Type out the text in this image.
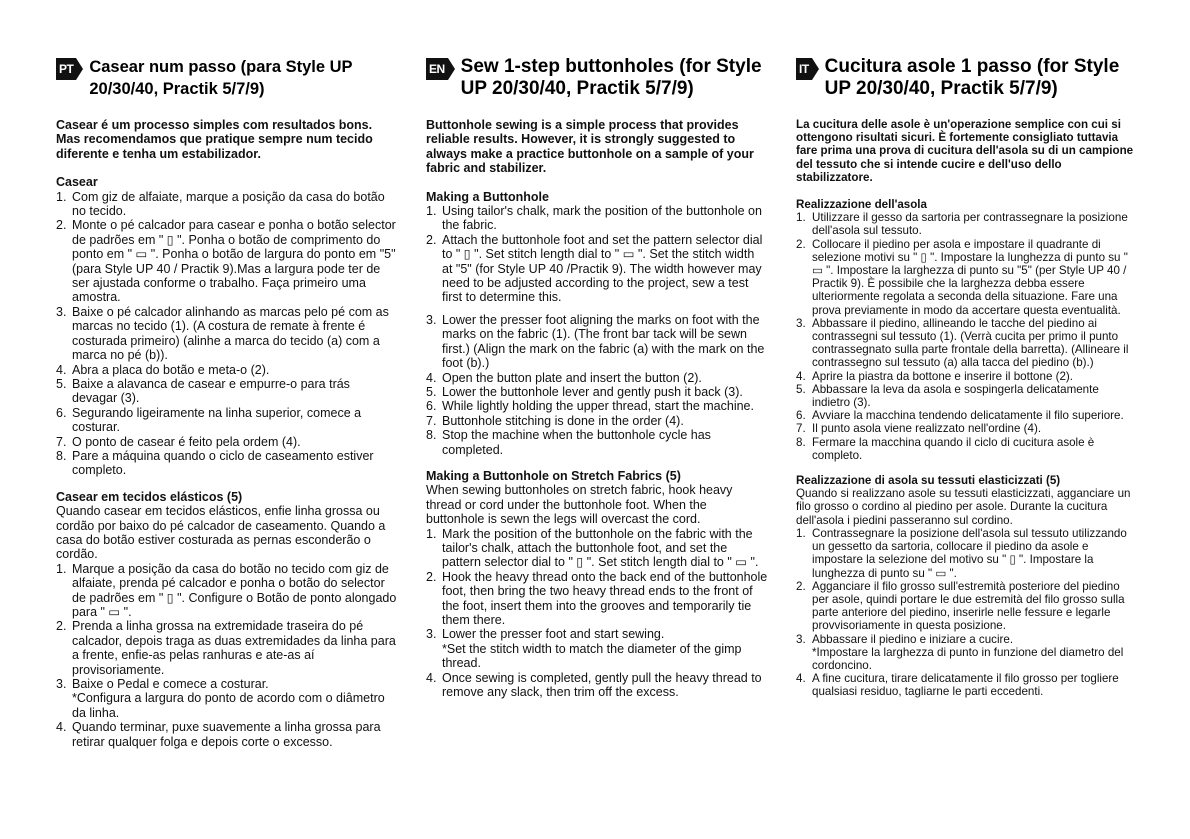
PT Casear num passo (para Style UP 20/30/40, Practik 5/7/9)

Casear é um processo simples com resultados bons. Mas recomendamos que pratique sempre num tecido diferente e tenha um estabilizador.

Casear

1. Com giz de alfaiate, marque a posição da casa do botão no tecido.
2. Monte o pé calcador para casear e ponha o botão selector de padrões em " ▯ ". Ponha o botão de comprimento do ponto em " ▭ ". Ponha o botão de largura do ponto em "5" (para Style UP 40 / Practik 9).Mas a largura pode ter de ser ajustada conforme o trabalho. Faça primeiro uma amostra.
3. Baixe o pé calcador alinhando as marcas pelo pé com as marcas no tecido (1). (A costura de remate à frente é costurada primeiro) (alinhe a marca do tecido (a) com a marca no pé (b)).
4. Abra a placa do botão e meta-o (2).
5. Baixe a alavanca de casear e empurre-o para trás devagar (3).
6. Segurando ligeiramente na linha superior, comece a costurar.
7. O ponto de casear é feito pela ordem (4).
8. Pare a máquina quando o ciclo de caseamento estiver completo.

Casear em tecidos elásticos (5)

Quando casear em tecidos elásticos, enfie linha grossa ou cordão por baixo do pé calcador de caseamento. Quando a casa do botão estiver costurada as pernas esconderão o cordão.

1. Marque a posição da casa do botão no tecido com giz de alfaiate, prenda pé calcador e ponha o botão do selector de padrões em " ▯ ". Configure o Botão de ponto alongado para " ▭ ".
2. Prenda a linha grossa na extremidade traseira do pé calcador, depois traga as duas extremidades da linha para a frente, enfie-as pelas ranhuras e ate-as aí provisoriamente.
3. Baixe o Pedal e comece a costurar.
*Configura a largura do ponto de acordo com o diâmetro da linha.
4. Quando terminar, puxe suavemente a linha grossa para retirar qualquer folga e depois corte o excesso.
EN Sew 1-step buttonholes (for Style UP 20/30/40, Practik 5/7/9)

Buttonhole sewing is a simple process that provides reliable results. However, it is strongly suggested to always make a practice buttonhole on a sample of your fabric and stabilizer.

Making a Buttonhole

1. Using tailor's chalk, mark the position of the buttonhole on the fabric.
2. Attach the buttonhole foot and set the pattern selector dial to " ▯ ". Set stitch length dial to " ▭ ". Set the stitch width at "5" (for Style UP 40 /Practik 9). The width however may need to be adjusted according to the project, sew a test first to determine this.
3. Lower the presser foot aligning the marks on foot with the marks on the fabric (1). (The front bar tack will be sewn first.) (Align the mark on the fabric (a) with the mark on the foot (b).)
4. Open the button plate and insert the button (2).
5. Lower the buttonhole lever and gently push it back (3).
6. While lightly holding the upper thread, start the machine.
7. Buttonhole stitching is done in the order (4).
8. Stop the machine when the buttonhole cycle has completed.

Making a Buttonhole on Stretch Fabrics (5)

When sewing buttonholes on stretch fabric, hook heavy thread or cord under the buttonhole foot. When the buttonhole is sewn the legs will overcast the cord.

1. Mark the position of the buttonhole on the fabric with the tailor's chalk, attach the buttonhole foot, and set the pattern selector dial to " ▯ ". Set stitch length dial to " ▭ ".
2. Hook the heavy thread onto the back end of the buttonhole foot, then bring the two heavy thread ends to the front of the foot, insert them into the grooves and temporarily tie them there.
3. Lower the presser foot and start sewing.
*Set the stitch width to match the diameter of the gimp thread.
4. Once sewing is completed, gently pull the heavy thread to remove any slack, then trim off the excess.
IT Cucitura asole 1 passo (for Style UP 20/30/40, Practik 5/7/9)

La cucitura delle asole è un'operazione semplice con cui si ottengono risultati sicuri. È fortemente consigliato tuttavia fare prima una prova di cucitura dell'asola su di un campione del tessuto che si intende cucire e dell'uso dello stabilizzatore.

Realizzazione dell'asola

1. Utilizzare il gesso da sartoria per contrassegnare la posizione dell'asola sul tessuto.
2. Collocare il piedino per asola e impostare il quadrante di selezione motivi su " ▯ ". Impostare la lunghezza di punto su " ▭ ". Impostare la larghezza di punto su "5" (per Style UP 40 / Practik 9). È possibile che la larghezza debba essere ulteriormente regolata a seconda della situazione. Fare una prova previamente in modo da accertare questa eventualità.
3. Abbassare il piedino, allineando le tacche del piedino ai contrassegni sul tessuto (1). (Verrà cucita per primo il punto contrassegnato sulla parte frontale della barretta). (Allineare il contrassegno sul tessuto (a) alla tacca del piedino (b).)
4. Aprire la piastra da bottone e inserire il bottone (2).
5. Abbassare la leva da asola e sospingerla delicatamente indietro (3).
6. Avviare la macchina tendendo delicatamente il filo superiore.
7. Il punto asola viene realizzato nell'ordine (4).
8. Fermare la macchina quando il ciclo di cucitura asole è completo.

Realizzazione di asola su tessuti elasticizzati (5)

Quando si realizzano asole su tessuti elasticizzati, agganciare un filo grosso o cordino al piedino per asole. Durante la cucitura dell'asola i piedini passeranno sul cordino.

1. Contrassegnare la posizione dell'asola sul tessuto utilizzando un gessetto da sartoria, collocare il piedino da asole e impostare la selezione del motivo su " ▯ ". Impostare la lunghezza di punto su " ▭ ".
2. Agganciare il filo grosso sull'estremità posteriore del piedino per asole, quindi portare le due estremità del filo grosso sulla parte anteriore del piedino, inserirle nelle fessure e legarle provvisoriamente in questa posizione.
3. Abbassare il piedino e iniziare a cucire.
*Impostare la larghezza di punto in funzione del diametro del cordoncino.
4. A fine cucitura, tirare delicatamente il filo grosso per togliere qualsiasi residuo, tagliarne le parti eccedenti.
